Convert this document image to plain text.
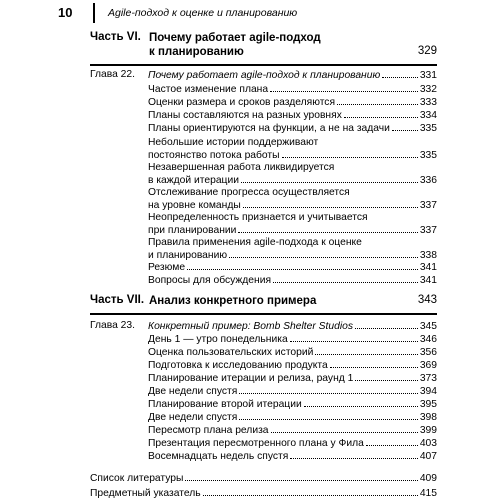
10	Agile-подход к оценке и планированию
Часть VI. Почему работает agile-подход
к планированию	329
Глава 22. Почему работает agile-подход к планированию	331
Частое изменение плана	332
Оценки размера и сроков разделяются	333
Планы составляются на разных уровнях	334
Планы ориентируются на функции, а не на задачи	335
Небольшие истории поддерживают
постоянство потока работы	335
Незавершенная работа ликвидируется
в каждой итерации	336
Отслеживание прогресса осуществляется
на уровне команды	337
Неопределенность признается и учитывается
при планировании	337
Правила применения agile-подхода к оценке
и планированию	338
Резюме	341
Вопросы для обсуждения	341
Часть VII. Анализ конкретного примера	343
Глава 23. Конкретный пример: Bomb Shelter Studios	345
День 1 — утро понедельника	346
Оценка пользовательских историй	356
Подготовка к исследованию продукта	369
Планирование итерации и релиза, раунд 1	373
Две недели спустя	394
Планирование второй итерации	395
Две недели спустя	398
Пересмотр плана релиза	399
Презентация пересмотренного плана у Фила	403
Восемнадцать недель спустя	407
Список литературы	409
Предметный указатель	415
